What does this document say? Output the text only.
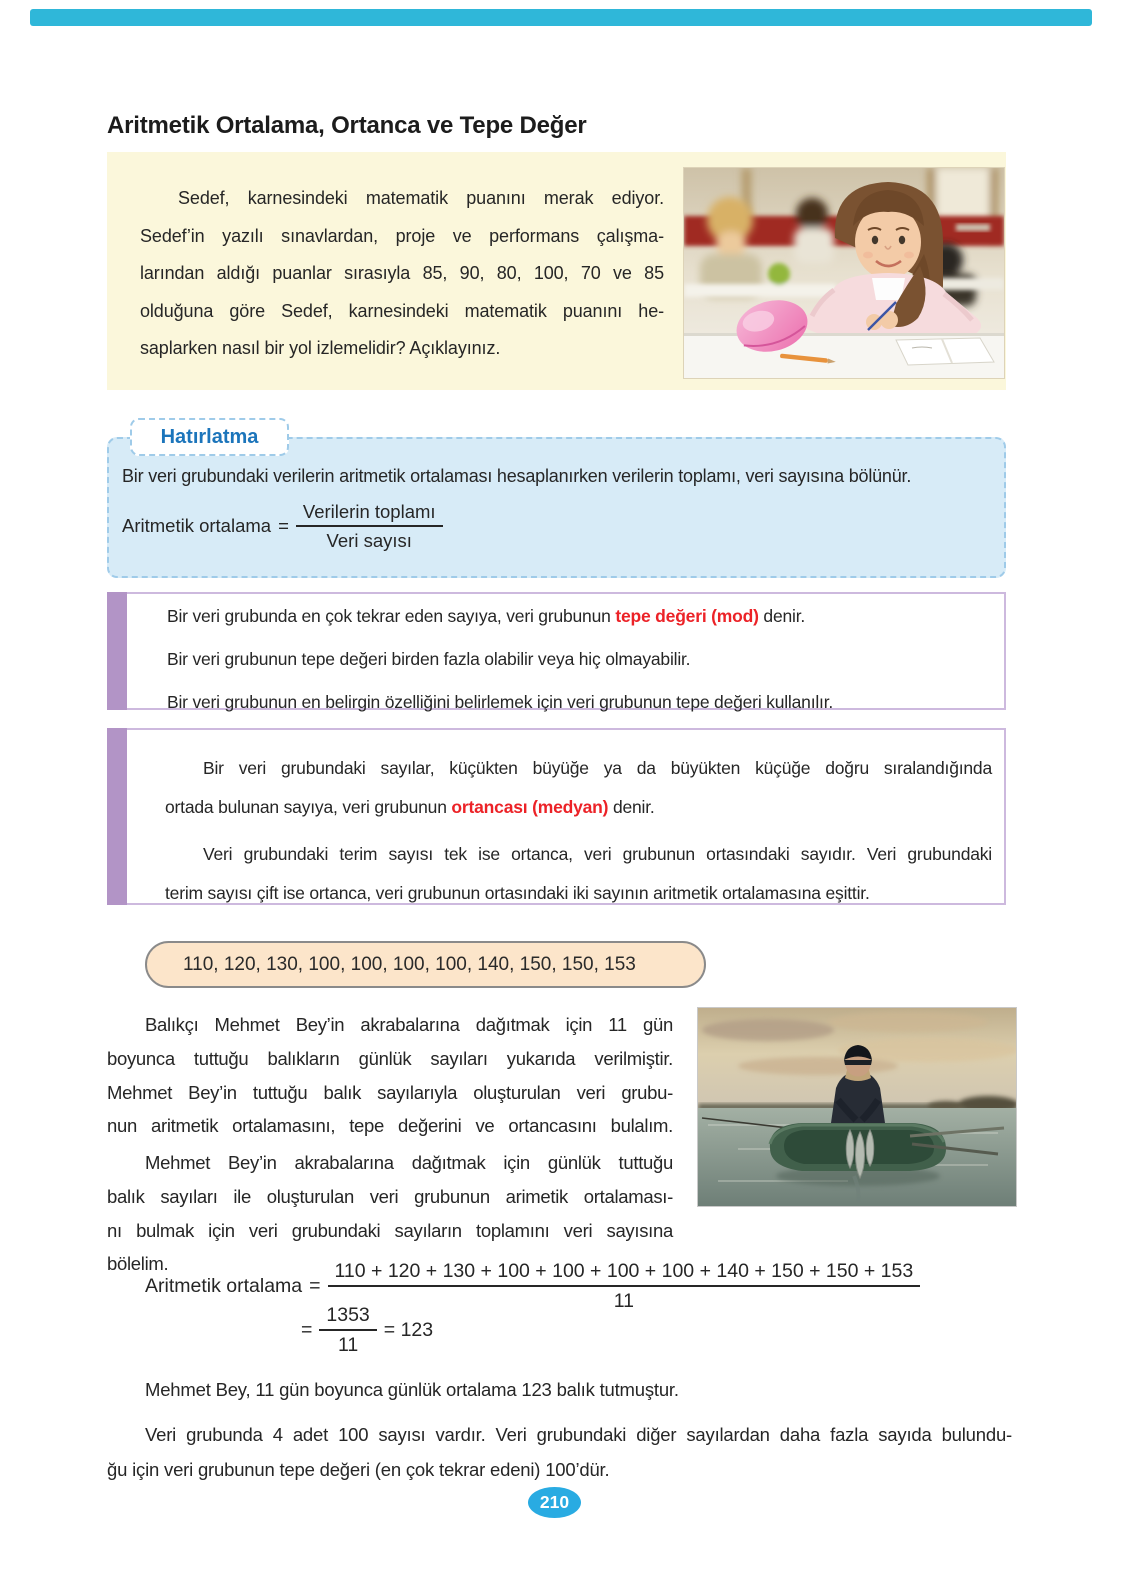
Aritmetik Ortalama, Ortanca ve Tepe Değer
Sedef, karnesindeki matematik puanını merak ediyor.
Sedef’in yazılı sınavlardan, proje ve performans çalışma-
larından aldığı puanlar sırasıyla 85, 90, 80, 100, 70 ve 85
olduğuna göre Sedef, karnesindeki matematik puanını he-
saplarken nasıl bir yol izlemelidir? Açıklayınız.
Hatırlatma
Bir veri grubundaki verilerin aritmetik ortalaması hesaplanırken verilerin toplamı, veri sayısına bölünür.
Aritmetik ortalama = $\frac{\text{Verilerin toplamı}}{\text{Veri sayısı}}$
Bir veri grubunda en çok tekrar eden sayıya, veri grubunun tepe değeri (mod) denir.
Bir veri grubunun tepe değeri birden fazla olabilir veya hiç olmayabilir.
Bir veri grubunun en belirgin özelliğini belirlemek için veri grubunun tepe değeri kullanılır.
Bir veri grubundaki sayılar, küçükten büyüğe ya da büyükten küçüğe doğru sıralandığında
ortada bulunan sayıya, veri grubunun ortancası (medyan) denir.
Veri grubundaki terim sayısı tek ise ortanca, veri grubunun ortasındaki sayıdır. Veri grubundaki
terim sayısı çift ise ortanca, veri grubunun ortasındaki iki sayının aritmetik ortalamasına eşittir.
110, 120, 130, 100, 100, 100, 100, 140, 150, 150, 153
Balıkçı Mehmet Bey’in akrabalarına dağıtmak için 11 gün
boyunca tuttuğu balıkların günlük sayıları yukarıda verilmiştir.
Mehmet Bey’in tuttuğu balık sayılarıyla oluşturulan veri grubu-
nun aritmetik ortalamasını, tepe değerini ve ortancasını bulalım.
Mehmet Bey’in akrabalarına dağıtmak için günlük tuttuğu
balık sayıları ile oluşturulan veri grubunun arimetik ortalaması-
nı bulmak için veri grubundaki sayıların toplamını veri sayısına
bölelim.
Aritmetik ortalama =
110 + 120 + 130 + 100 + 100 + 100 + 100 + 140 + 150 + 150 + 153
11
= $\frac{1353}{11} = 123$
Mehmet Bey, 11 gün boyunca günlük ortalama 123 balık tutmuştur.
Veri grubunda 4 adet 100 sayısı vardır. Veri grubundaki diğer sayılardan daha fazla sayıda bulundu-
ğu için veri grubunun tepe değeri (en çok tekrar edeni) 100’dür.
210
